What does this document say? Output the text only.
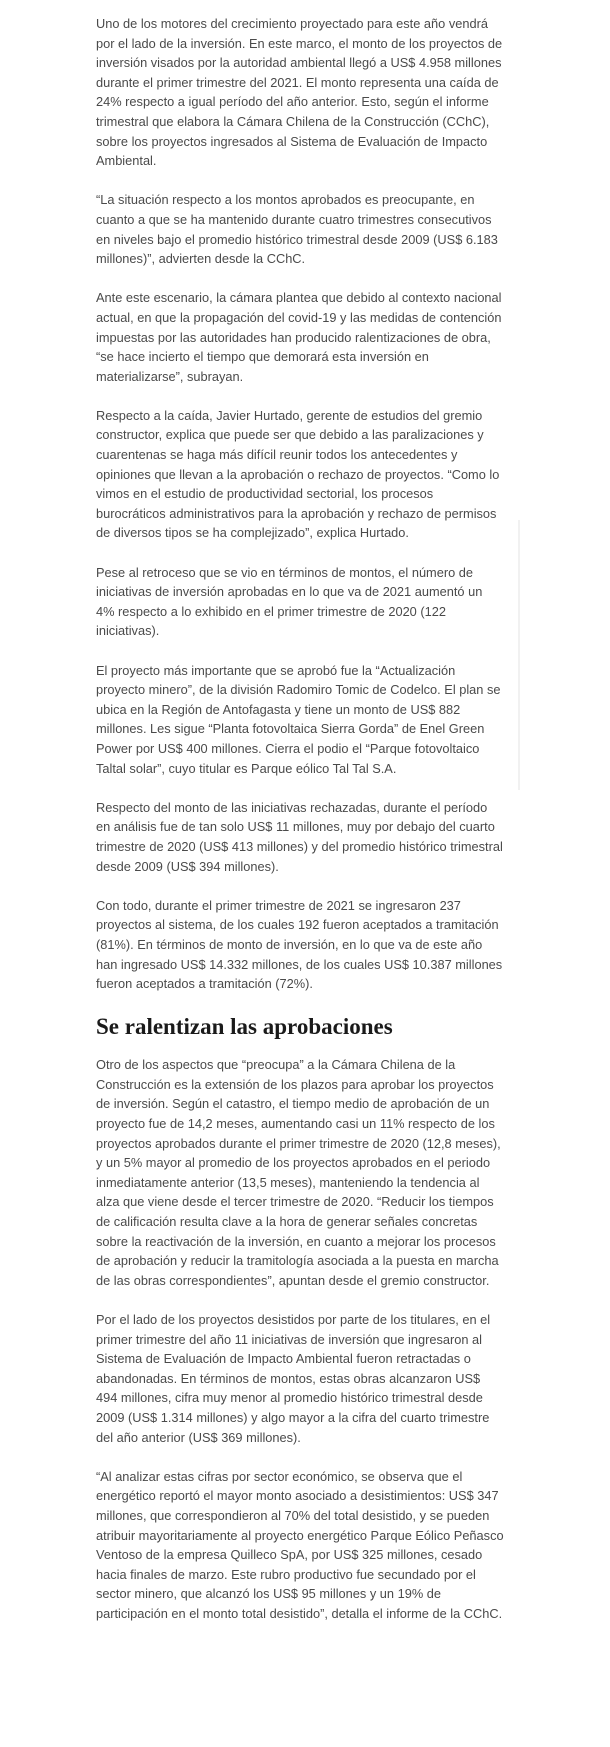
Uno de los motores del crecimiento proyectado para este año vendrá por el lado de la inversión. En este marco, el monto de los proyectos de inversión visados por la autoridad ambiental llegó a US$ 4.958 millones durante el primer trimestre del 2021. El monto representa una caída de 24% respecto a igual período del año anterior. Esto, según el informe trimestral que elabora la Cámara Chilena de la Construcción (CChC), sobre los proyectos ingresados al Sistema de Evaluación de Impacto Ambiental.

“La situación respecto a los montos aprobados es preocupante, en cuanto a que se ha mantenido durante cuatro trimestres consecutivos en niveles bajo el promedio histórico trimestral desde 2009 (US$ 6.183 millones)”, advierten desde la CChC.

Ante este escenario, la cámara plantea que debido al contexto nacional actual, en que la propagación del covid-19 y las medidas de contención impuestas por las autoridades han producido ralentizaciones de obra, “se hace incierto el tiempo que demorará esta inversión en materializarse”, subrayan.

Respecto a la caída, Javier Hurtado, gerente de estudios del gremio constructor, explica que puede ser que debido a las paralizaciones y cuarentenas se haga más difícil reunir todos los antecedentes y opiniones que llevan a la aprobación o rechazo de proyectos. “Como lo vimos en el estudio de productividad sectorial, los procesos burocráticos administrativos para la aprobación y rechazo de permisos de diversos tipos se ha complejizado”, explica Hurtado.

Pese al retroceso que se vio en términos de montos, el número de iniciativas de inversión aprobadas en lo que va de 2021 aumentó un 4% respecto a lo exhibido en el primer trimestre de 2020 (122 iniciativas).

El proyecto más importante que se aprobó fue la “Actualización proyecto minero”, de la división Radomiro Tomic de Codelco. El plan se ubica en la Región de Antofagasta y tiene un monto de US$ 882 millones. Les sigue “Planta fotovoltaica Sierra Gorda” de Enel Green Power por US$ 400 millones. Cierra el podio el “Parque fotovoltaico Taltal solar”, cuyo titular es Parque eólico Tal Tal S.A.

Respecto del monto de las iniciativas rechazadas, durante el período en análisis fue de tan solo US$ 11 millones, muy por debajo del cuarto trimestre de 2020 (US$ 413 millones) y del promedio histórico trimestral desde 2009 (US$ 394 millones).

Con todo, durante el primer trimestre de 2021 se ingresaron 237 proyectos al sistema, de los cuales 192 fueron aceptados a tramitación (81%). En términos de monto de inversión, en lo que va de este año han ingresado US$ 14.332 millones, de los cuales US$ 10.387 millones fueron aceptados a tramitación (72%).

Se ralentizan las aprobaciones

Otro de los aspectos que “preocupa” a la Cámara Chilena de la Construcción es la extensión de los plazos para aprobar los proyectos de inversión. Según el catastro, el tiempo medio de aprobación de un proyecto fue de 14,2 meses, aumentando casi un 11% respecto de los proyectos aprobados durante el primer trimestre de 2020 (12,8 meses), y un 5% mayor al promedio de los proyectos aprobados en el periodo inmediatamente anterior (13,5 meses), manteniendo la tendencia al alza que viene desde el tercer trimestre de 2020. “Reducir los tiempos de calificación resulta clave a la hora de generar señales concretas sobre la reactivación de la inversión, en cuanto a mejorar los procesos de aprobación y reducir la tramitología asociada a la puesta en marcha de las obras correspondientes”, apuntan desde el gremio constructor.

Por el lado de los proyectos desistidos por parte de los titulares, en el primer trimestre del año 11 iniciativas de inversión que ingresaron al Sistema de Evaluación de Impacto Ambiental fueron retractadas o abandonadas. En términos de montos, estas obras alcanzaron US$ 494 millones, cifra muy menor al promedio histórico trimestral desde 2009 (US$ 1.314 millones) y algo mayor a la cifra del cuarto trimestre del año anterior (US$ 369 millones).

“Al analizar estas cifras por sector económico, se observa que el energético reportó el mayor monto asociado a desistimientos: US$ 347 millones, que correspondieron al 70% del total desistido, y se pueden atribuir mayoritariamente al proyecto energético Parque Eólico Peñasco Ventoso de la empresa Quilleco SpA, por US$ 325 millones, cesado hacia finales de marzo. Este rubro productivo fue secundado por el sector minero, que alcanzó los US$ 95 millones y un 19% de participación en el monto total desistido”, detalla el informe de la CChC.
